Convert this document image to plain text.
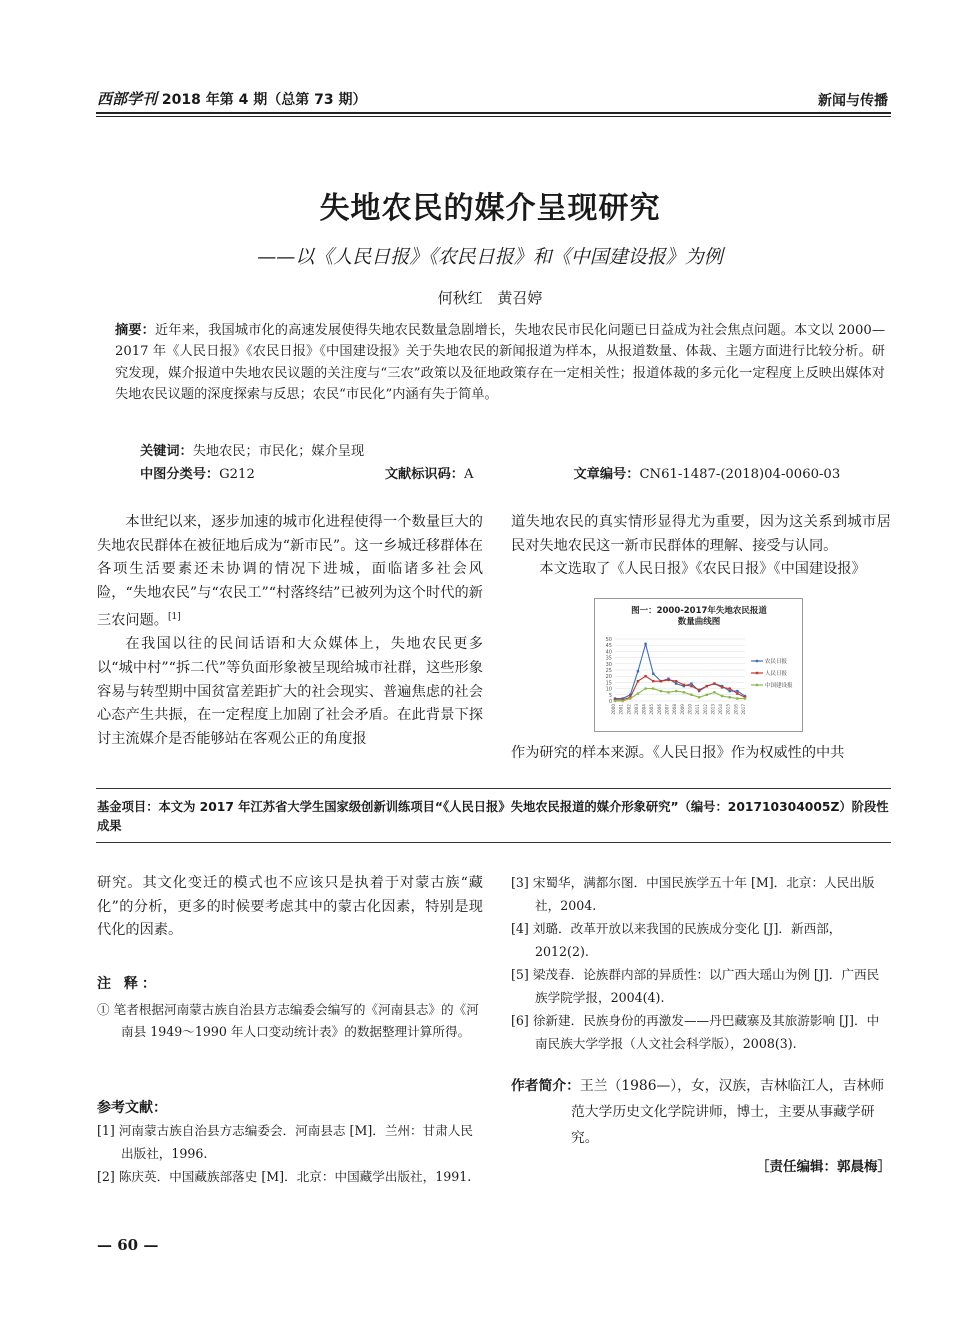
西部学刊 2018 年第 4 期（总第 73 期）	新闻与传播
失地农民的媒介呈现研究
——以《人民日报》《农民日报》和《中国建设报》为例
何秋红 黄召婷
摘要：近年来，我国城市化的高速发展使得失地农民数量急剧增长，失地农民市民化问题已日益成为社会焦点问题。本文以 2000—2017 年《人民日报》《农民日报》《中国建设报》关于失地农民的新闻报道为样本，从报道数量、体裁、主题方面进行比较分析。研究发现，媒介报道中失地农民议题的关注度与“三农”政策以及征地政策存在一定相关性；报道体裁的多元化一定程度上反映出媒体对失地农民议题的深度探索与反思；农民“市民化”内涵有失于简单。
关键词：失地农民；市民化；媒介呈现
中图分类号：G212	文献标识码：A	文章编号：CN61-1487-(2018)04-0060-03

本世纪以来，逐步加速的城市化进程使得一个数量巨大的失地农民群体在被征地后成为“新市民”。这一乡城迁移群体在各项生活要素还未协调的情况下进城，面临诸多社会风险，“失地农民”与“农民工”“村落终结”已被列为这个时代的新三农问题。[1]

在我国以往的民间话语和大众媒体上，失地农民更多以“城中村”“拆二代”等负面形象被呈现给城市社群，这些形象容易与转型期中国贫富差距扩大的社会现实、普遍焦虑的社会心态产生共振，在一定程度上加剧了社会矛盾。在此背景下探讨主流媒介是否能够站在客观公正的角度报

道失地农民的真实情形显得尤为重要，因为这关系到城市居民对失地农民这一新市民群体的理解、接受与认同。

本文选取了《人民日报》《农民日报》《中国建设报》

图一：2000-2017年失地农民报道
数量曲线图
0
5
10
15
20
25
30
35
40
45
50
2000 2001 2002 2003 2004 2005 2006 2007 2008 2009 2010 2011 2012 2013 2014 2015 2016 2017
农民日报
人民日报
中国建设报

作为研究的样本来源。《人民日报》作为权威性的中共

基金项目：本文为 2017 年江苏省大学生国家级创新训练项目“《人民日报》失地农民报道的媒介形象研究”（编号：201710304005Z）阶段性成果

研究。其文化变迁的模式也不应该只是执着于对蒙古族“藏化”的分析，更多的时候要考虑其中的蒙古化因素，特别是现代化的因素。

注 释：

① 笔者根据河南蒙古族自治县方志编委会编写的《河南县志》的《河南县 1949～1990 年人口变动统计表》的数据整理计算所得。

参考文献：

[1] 河南蒙古族自治县方志编委会．河南县志 [M]．兰州：甘肃人民出版社，1996.

[2] 陈庆英．中国藏族部落史 [M]．北京：中国藏学出版社，1991.

[3] 宋蜀华，满都尔图．中国民族学五十年 [M]．北京：人民出版社，2004.

[4] 刘璐．改革开放以来我国的民族成分变化 [J]．新西部，2012(2).

[5] 梁茂春．论族群内部的异质性：以广西大瑶山为例 [J]．广西民族学院学报，2004(4).

[6] 徐新建．民族身份的再激发——丹巴藏寨及其旅游影响 [J]．中南民族大学学报（人文社会科学版），2008(3).

作者简介：王兰（1986—），女，汉族，吉林临江人，吉林师范大学历史文化学院讲师，博士，主要从事藏学研究。

［责任编辑：郭晨梅］
— 60 —
